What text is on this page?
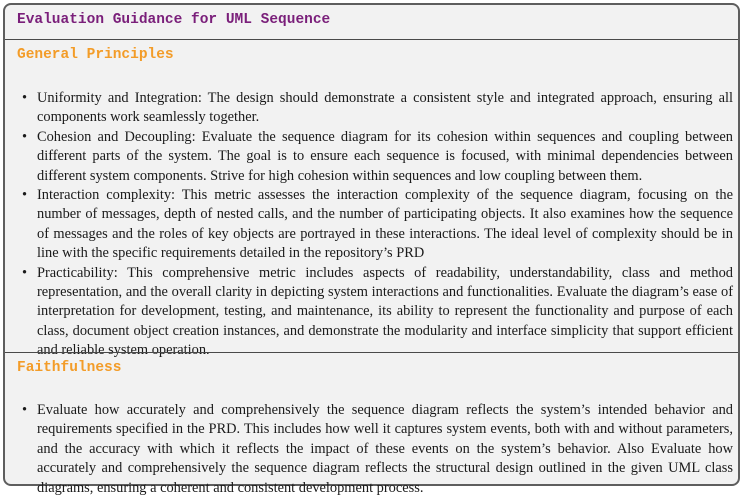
Evaluation Guidance for UML Sequence
General Principles
• Uniformity and Integration: The design should demonstrate a consistent style and integrated approach, ensuring all components work seamlessly together.
• Cohesion and Decoupling: Evaluate the sequence diagram for its cohesion within sequences and coupling between different parts of the system. The goal is to ensure each sequence is focused, with minimal dependencies between different system components. Strive for high cohesion within sequences and low coupling between them.
• Interaction complexity: This metric assesses the interaction complexity of the sequence diagram, focusing on the number of messages, depth of nested calls, and the number of participating objects. It also examines how the sequence of messages and the roles of key objects are portrayed in these interactions. The ideal level of complexity should be in line with the specific requirements detailed in the repository’s PRD
• Practicability: This comprehensive metric includes aspects of readability, understandability, class and method representation, and the overall clarity in depicting system interactions and functionalities. Evaluate the diagram’s ease of interpretation for development, testing, and maintenance, its ability to represent the functionality and purpose of each class, document object creation instances, and demonstrate the modularity and interface simplicity that support efficient and reliable system operation.
Faithfulness
• Evaluate how accurately and comprehensively the sequence diagram reflects the system’s intended behavior and requirements specified in the PRD. This includes how well it captures system events, both with and without parameters, and the accuracy with which it reflects the impact of these events on the system’s behavior. Also Evaluate how accurately and comprehensively the sequence diagram reflects the structural design outlined in the given UML class diagrams, ensuring a coherent and consistent development process.
